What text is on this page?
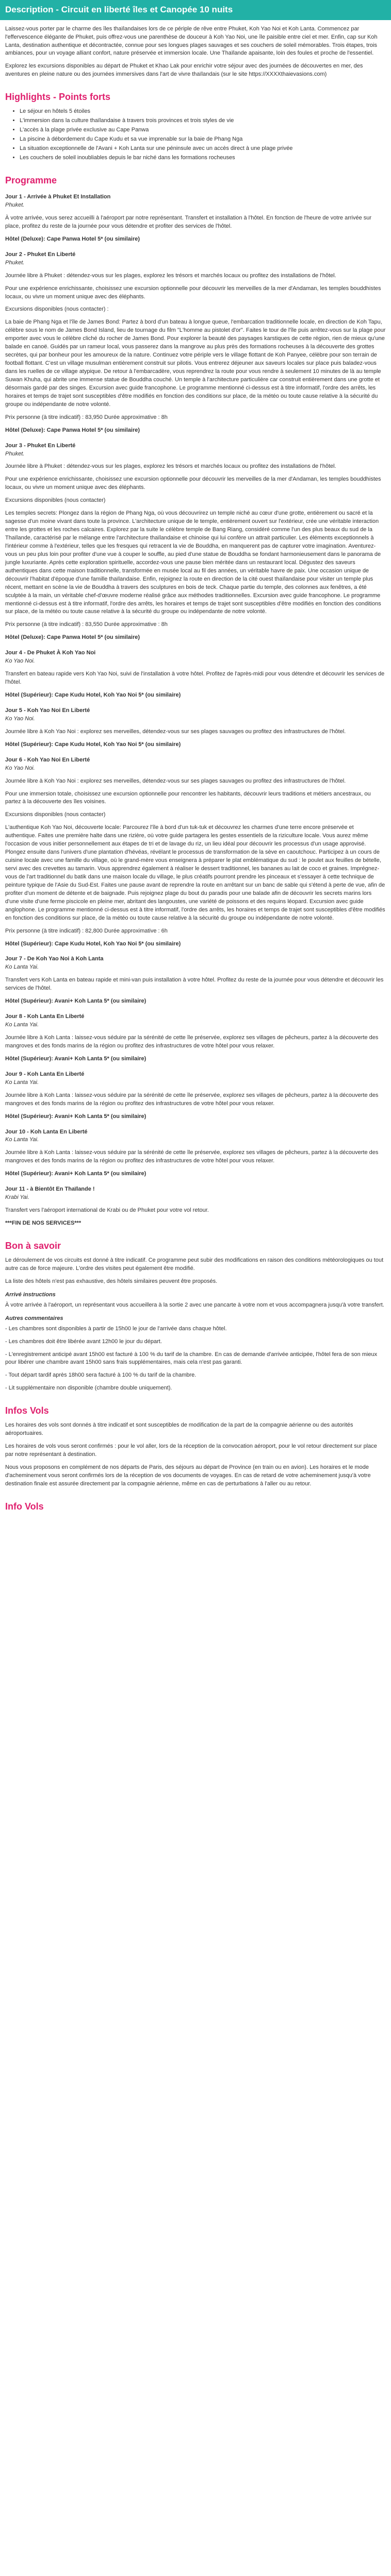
Description - Circuit en liberté îles et Canopée 10 nuits

Laissez-vous porter par le charme des îles thaïlandaises lors de ce périple de rêve entre Phuket, Koh Yao Noi et Koh Lanta. Commencez par l'effervescence élégante de Phuket, puis offrez-vous une parenthèse de douceur à Koh Yao Noi, une île paisible entre ciel et mer. Enfin, cap sur Koh Lanta, destination authentique et décontractée, connue pour ses longues plages sauvages et ses couchers de soleil mémorables. Trois étapes, trois ambiances, pour un voyage alliant confort, nature préservée et immersion locale. Une Thaïlande apaisante, loin des foules et proche de l'essentiel.

Explorez les excursions disponibles au départ de Phuket et Khao Lak pour enrichir votre séjour avec des journées de découvertes en mer, des aventures en pleine nature ou des journées immersives dans l'art de vivre thaïlandais (sur le site https://XXXXthaievasions.com)

Highlights - Points forts
• Le séjour en hôtels 5 étoiles
• L'immersion dans la culture thaïlandaise à travers trois provinces et trois styles de vie
• L'accès à la plage privée exclusive au Cape Panwa
• La piscine à débordement du Cape Kudu et sa vue imprenable sur la baie de Phang Nga
• La situation exceptionnelle de l'Avani + Koh Lanta sur une péninsule avec un accès direct à une plage privée
• Les couchers de soleil inoubliables depuis le bar niché dans les formations rocheuses
Programme
Jour 1 - Arrivée à Phuket Et Installation
Phuket.

À votre arrivée, vous serez accueilli à l'aéroport par notre représentant. Transfert et installation à l'hôtel. En fonction de l'heure de votre arrivée sur place, profitez du reste de la journée pour vous détendre et profiter des services de l'hôtel.

Hôtel (Deluxe): Cape Panwa Hotel 5* (ou similaire)
Jour 2 - Phuket En Liberté
Phuket.

Journée libre à Phuket : détendez-vous sur les plages, explorez les trésors et marchés locaux ou profitez des installations de l'hôtel.

Pour une expérience enrichissante, choisissez une excursion optionnelle pour découvrir les merveilles de la mer d'Andaman, les temples bouddhistes locaux, ou vivre un moment unique avec des éléphants.

Excursions disponibles (nous contacter) :

La baie de Phang Nga et l'île de James Bond: Partez à bord d'un bateau à longue queue, l'embarcation traditionnelle locale, en direction de Koh Tapu, célèbre sous le nom de James Bond Island, lieu de tournage du film "L'homme au pistolet d'or". Faites le tour de l'île puis arrêtez-vous sur la plage pour emporter avec vous le célèbre cliché du rocher de James Bond. Pour explorer la beauté des paysages karstiques de cette région, rien de mieux qu'une balade en canoë. Guidés par un rameur local, vous passerez dans la mangrove au plus près des formations rocheuses à la découverte des grottes secrètes, qui par bonheur pour les amoureux de la nature. Continuez votre périple vers le village flottant de Koh Panyee, célèbre pour son terrain de football flottant. C'est un village musulman entièrement construit sur pilotis. Vous entrerez déjeuner aux saveurs locales sur place puis baladez-vous dans les ruelles de ce village atypique. De retour à l'embarcadère, vous reprendrez la route pour vous rendre à seulement 10 minutes de là au temple Suwan Khuha, qui abrite une immense statue de Bouddha couché. Un temple à l'architecture particulière car construit entièrement dans une grotte et désormais gardé par des singes. Excursion avec guide francophone. Le programme mentionné ci-dessus est à titre informatif, l'ordre des arrêts, les horaires et temps de trajet sont susceptibles d'être modifiés en fonction des conditions sur place, de la météo ou toute cause relative à la sécurité du groupe ou indépendante de notre volonté.

Prix personne (à titre indicatif) : 83,950 Durée approximative : 8h

Hôtel (Deluxe): Cape Panwa Hotel 5* (ou similaire)
Jour 3 - Phuket En Liberté
Phuket.

Journée libre à Phuket : détendez-vous sur les plages, explorez les trésors et marchés locaux ou profitez des installations de l'hôtel.

Pour une expérience enrichissante, choisissez une excursion optionnelle pour découvrir les merveilles de la mer d'Andaman, les temples bouddhistes locaux, ou vivre un moment unique avec des éléphants.

Excursions disponibles (nous contacter)

Les temples secrets: Plongez dans la région de Phang Nga, où vous découvrirez un temple niché au cœur d'une grotte, entièrement ou sacré et la sagesse d'un moine vivant dans toute la province. L'architecture unique de le temple, entièrement ouvert sur l'extérieur, crée une véritable interaction entre les grottes et les roches calcaires. Explorez par la suite le célèbre temple de Bang Riang, considéré comme l'un des plus beaux du sud de la Thaïlande, caractérisé par le mélange entre l'architecture thaïlandaise et chinoise qui lui confère un attrait particulier. Les éléments exceptionnels à l'intérieur comme à l'extérieur, telles que les fresques qui retracent la vie de Bouddha, en manquerent pas de capturer votre imagination. Aventurez-vous un peu plus loin pour profiter d'une vue à couper le souffle, au pied d'une statue de Bouddha se fondant harmonieusement dans le panorama de jungle luxuriante. Après cette exploration spirituelle, accordez-vous une pause bien méritée dans un restaurant local. Dégustez des saveurs authentiques dans cette maison traditionnelle, transformée en musée local au fil des années, un véritable havre de paix. Une occasion unique de découvrir l'habitat d'époque d'une famille thaïlandaise. Enfin, rejoignez la route en direction de la cité ouest thaïlandaise pour visiter un temple plus récent, mettant en scène la vie de Bouddha à travers des sculptures en bois de teck. Chaque partie du temple, des colonnes aux fenêtres, a été sculptée à la main, un véritable chef-d'œuvre moderne réalisé grâce aux méthodes traditionnelles. Excursion avec guide francophone. Le programme mentionné ci-dessus est à titre informatif, l'ordre des arrêts, les horaires et temps de trajet sont susceptibles d'être modifiés en fonction des conditions sur place, de la météo ou toute cause relative à la sécurité du groupe ou indépendante de notre volonté.

Prix personne (à titre indicatif) : 83,550 Durée approximative : 8h

Hôtel (Deluxe): Cape Panwa Hotel 5* (ou similaire)
Jour 4 - De Phuket À Koh Yao Noi
Ko Yao Noi.

Transfert en bateau rapide vers Koh Yao Noi, suivi de l'installation à votre hôtel. Profitez de l'après-midi pour vous détendre et découvrir les services de l'hôtel.

Hôtel (Supérieur): Cape Kudu Hotel, Koh Yao Noi 5* (ou similaire)
Jour 5 - Koh Yao Noi En Liberté
Ko Yao Noi.

Journée libre à Koh Yao Noi : explorez ses merveilles, détendez-vous sur ses plages sauvages ou profitez des infrastructures de l'hôtel.

Hôtel (Supérieur): Cape Kudu Hotel, Koh Yao Noi 5* (ou similaire)
Jour 6 - Koh Yao Noi En Liberté
Ko Yao Noi.

Journée libre à Koh Yao Noi : explorez ses merveilles, détendez-vous sur ses plages sauvages ou profitez des infrastructures de l'hôtel.

Pour une immersion totale, choisissez une excursion optionnelle pour rencontrer les habitants, découvrir leurs traditions et métiers ancestraux, ou partez à la découverte des îles voisines.

Excursions disponibles (nous contacter)

L'authentique Koh Yao Noi, découverte locale: Parcourez l'île à bord d'un tuk-tuk et découvrez les charmes d'une terre encore préservée et authentique. Faites une première halte dans une rizière, où votre guide partagera les gestes essentiels de la riziculture locale. Vous aurez même l'occasion de vous initier personnellement aux étapes de tri et de lavage du riz, un lieu idéal pour découvrir les processus d'un usage approvisé. Plongez ensuite dans l'univers d'une plantation d'hévéas, révélant le processus de transformation de la sève en caoutchouc. Participez à un cours de cuisine locale avec une famille du village, où le grand-mère vous enseignera à préparer le plat emblématique du sud : le poulet aux feuilles de bételle, servi avec des crevettes au tamarin. Vous apprendrez également à réaliser le dessert traditionnel, les bananes au lait de coco et graines. Imprégnez-vous de l'art traditionnel du batik dans une maison locale du village, le plus créatifs pourront prendre les pinceaux et s'essayer à cette technique de peinture typique de l'Asie du Sud-Est. Faites une pause avant de reprendre la route en arrêtant sur un banc de sable qui s'étend à perte de vue, afin de profiter d'un moment de détente et de baignade. Puis rejoignez plage du bout du paradis pour une balade afin de découvrir les secrets marins lors d'une visite d'une ferme piscicole en pleine mer, abritant des langoustes, une variété de poissons et des requins léopard. Excursion avec guide anglophone. Le programme mentionné ci-dessus est à titre informatif, l'ordre des arrêts, les horaires et temps de trajet sont susceptibles d'être modifiés en fonction des conditions sur place, de la météo ou toute cause relative à la sécurité du groupe ou indépendante de notre volonté.

Prix personne (à titre indicatif) : 82,800 Durée approximative : 6h

Hôtel (Supérieur): Cape Kudu Hotel, Koh Yao Noi 5* (ou similaire)
Jour 7 - De Koh Yao Noi à Koh Lanta
Ko Lanta Yai.

Transfert vers Koh Lanta en bateau rapide et mini-van puis installation à votre hôtel. Profitez du reste de la journée pour vous détendre et découvrir les services de l'hôtel.

Hôtel (Supérieur): Avani+ Koh Lanta 5* (ou similaire)
Jour 8 - Koh Lanta En Liberté
Ko Lanta Yai.

Journée libre à Koh Lanta : laissez-vous séduire par la sérénité de cette île préservée, explorez ses villages de pêcheurs, partez à la découverte des mangroves et des fonds marins de la région ou profitez des infrastructures de votre hôtel pour vous relaxer.

Hôtel (Supérieur): Avani+ Koh Lanta 5* (ou similaire)
Jour 9 - Koh Lanta En Liberté
Ko Lanta Yai.

Journée libre à Koh Lanta : laissez-vous séduire par la sérénité de cette île préservée, explorez ses villages de pêcheurs, partez à la découverte des mangroves et des fonds marins de la région ou profitez des infrastructures de votre hôtel pour vous relaxer.

Hôtel (Supérieur): Avani+ Koh Lanta 5* (ou similaire)
Jour 10 - Koh Lanta En Liberté
Ko Lanta Yai.

Journée libre à Koh Lanta : laissez-vous séduire par la sérénité de cette île préservée, explorez ses villages de pêcheurs, partez à la découverte des mangroves et des fonds marins de la région ou profitez des infrastructures de votre hôtel pour vous relaxer.

Hôtel (Supérieur): Avani+ Koh Lanta 5* (ou similaire)
Jour 11 - à Bientôt En Thaïlande !
Krabi Yai.

Transfert vers l'aéroport international de Krabi ou de Phuket pour votre vol retour.

***FIN DE NOS SERVICES***
Bon à savoir

Le déroulement de vos circuits est donné à titre indicatif. Ce programme peut subir des modifications en raison des conditions météorologiques ou tout autre cas de force majeure. L'ordre des visites peut également être modifié.

La liste des hôtels n'est pas exhaustive, des hôtels similaires peuvent être proposés.

Arrivé instructions

À votre arrivée à l'aéroport, un représentant vous accueillera à la sortie 2 avec une pancarte à votre nom et vous accompagnera jusqu'à votre transfert.

Autres commentaires
- Les chambres sont disponibles à partir de 15h00 le jour de l'arrivée dans chaque hôtel.
- Les chambres doit être libérée avant 12h00 le jour du départ.
- L'enregistrement anticipé avant 15h00 est facturé à 100 % du tarif de la chambre. En cas de demande d'arrivée anticipée, l'hôtel fera de son mieux pour libérer une chambre avant 15h00 sans frais supplémentaires, mais cela n'est pas garanti.
- Tout départ tardif après 18h00 sera facturé à 100 % du tarif de la chambre.
- Lit supplémentaire non disponible (chambre double uniquement).
Infos Vols

Les horaires des vols sont donnés à titre indicatif et sont susceptibles de modification de la part de la compagnie aérienne ou des autorités aéroportuaires.

Les horaires de vols vous seront confirmés : pour le vol aller, lors de la réception de la convocation aéroport, pour le vol retour directement sur place par notre représentant à destination.

Nous vous proposons en complément de nos départs de Paris, des séjours au départ de Province (en train ou en avion). Les horaires et le mode d'acheminement vous seront confirmés lors de la réception de vos documents de voyages. En cas de retard de votre acheminement jusqu'à votre destination finale est assurée directement par la compagnie aérienne, même en cas de perturbations à l'aller ou au retour.

Info Vols
